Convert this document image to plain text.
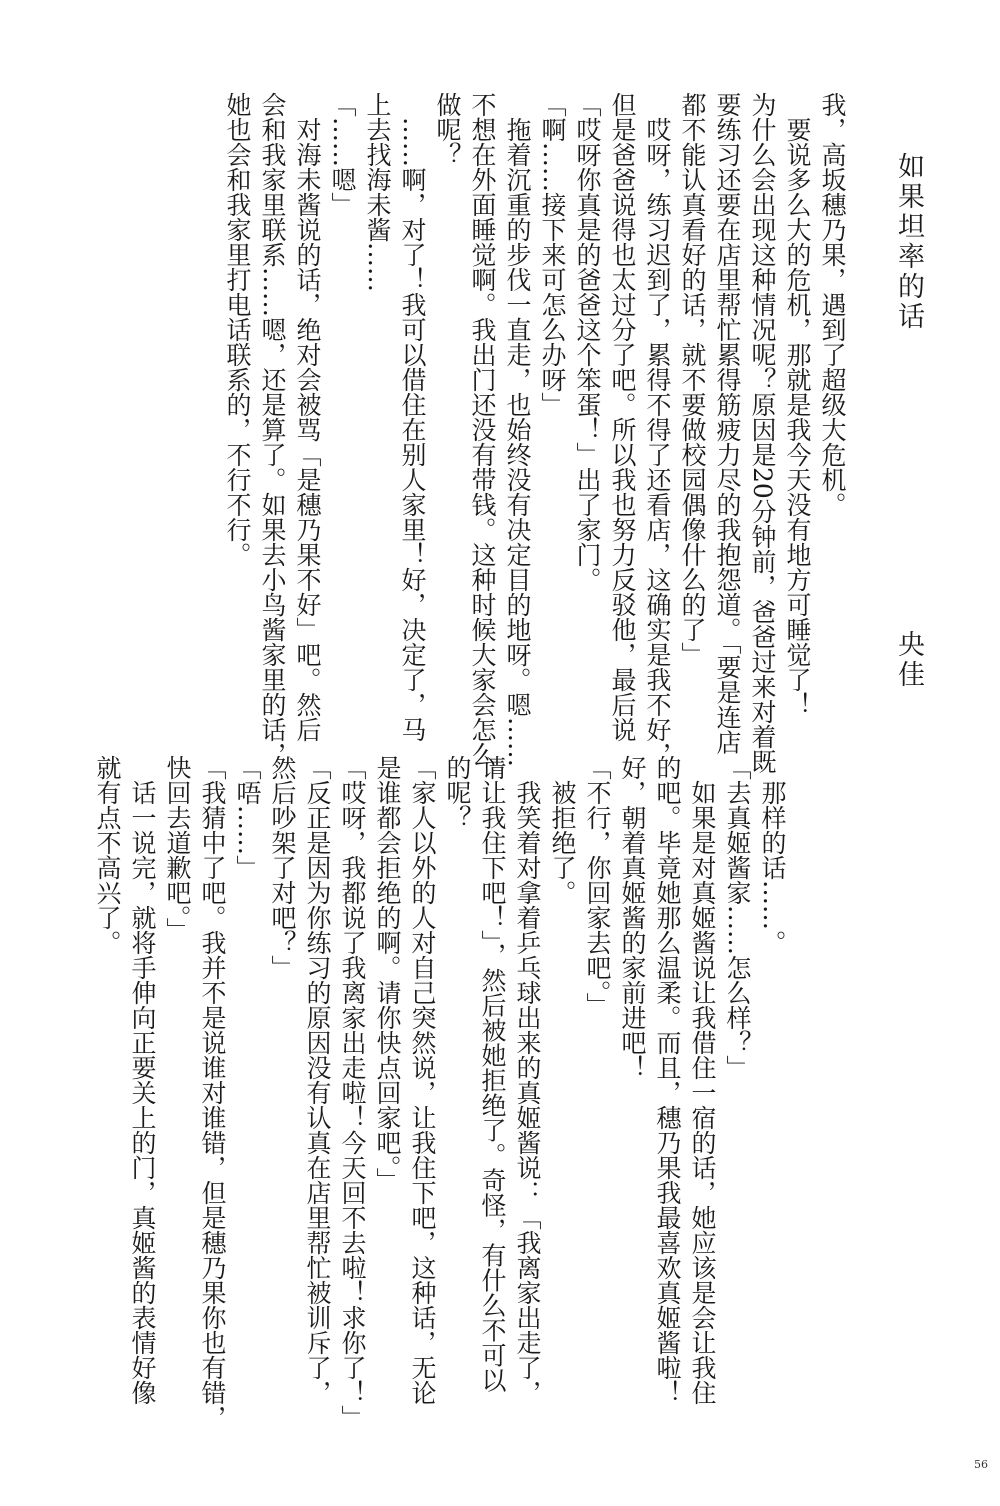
如果坦率的话
央佳
我，高坂穗乃果，遇到了超级大危机。
　要说多么大的危机，那就是我今天没有地方可睡觉了！
为什么会出现这种情况呢？原因是20分钟前，爸爸过来对着既
要练习还要在店里帮忙累得筋疲力尽的我抱怨道。「要是连店
都不能认真看好的话，就不要做校园偶像什么的了」
　哎呀，练习迟到了，累得不得了还看店，这确实是我不好，
但是爸爸说得也太过分了吧。所以我也努力反驳他，最后说
「哎呀你真是的爸爸这个笨蛋！」出了家门。
「啊……接下来可怎么办呀」
　拖着沉重的步伐一直走，也始终没有决定目的地呀。嗯……
不想在外面睡觉啊。我出门还没有带钱。这种时候大家会怎么
做呢？
　……啊，对了！我可以借住在别人家里！好，决定了，马
上去找海未酱……
「……嗯」
　对海未酱说的话，绝对会被骂「是穗乃果不好」吧。然后
会和我家里联系……嗯，还是算了。如果去小鸟酱家里的话，
她也会和我家里打电话联系的，不行不行。
　那样的话……。
「去真姬酱家……怎么样？」
　如果是对真姬酱说让我借住一宿的话，她应该是会让我住
的吧。毕竟她那么温柔。而且，穗乃果我最喜欢真姬酱啦！
好，朝着真姬酱的家前进吧！
「不行，你回家去吧。」
　被拒绝了。
　我笑着对拿着乒乓球出来的真姬酱说：「我离家出走了，
请让我住下吧！」，然后被她拒绝了。奇怪，有什么不可以
的呢？
「家人以外的人对自己突然说，让我住下吧，这种话，无论
是谁都会拒绝的啊。请你快点回家吧。」
「哎呀，我都说了我离家出走啦！今天回不去啦！求你了！」
「反正是因为你练习的原因没有认真在店里帮忙被训斥了，
然后吵架了对吧？」
「唔……」
「我猜中了吧。我并不是说谁对谁错，但是穗乃果你也有错，
快回去道歉吧。」
　话一说完，就将手伸向正要关上的门，真姬酱的表情好像
就有点不高兴了。
56
